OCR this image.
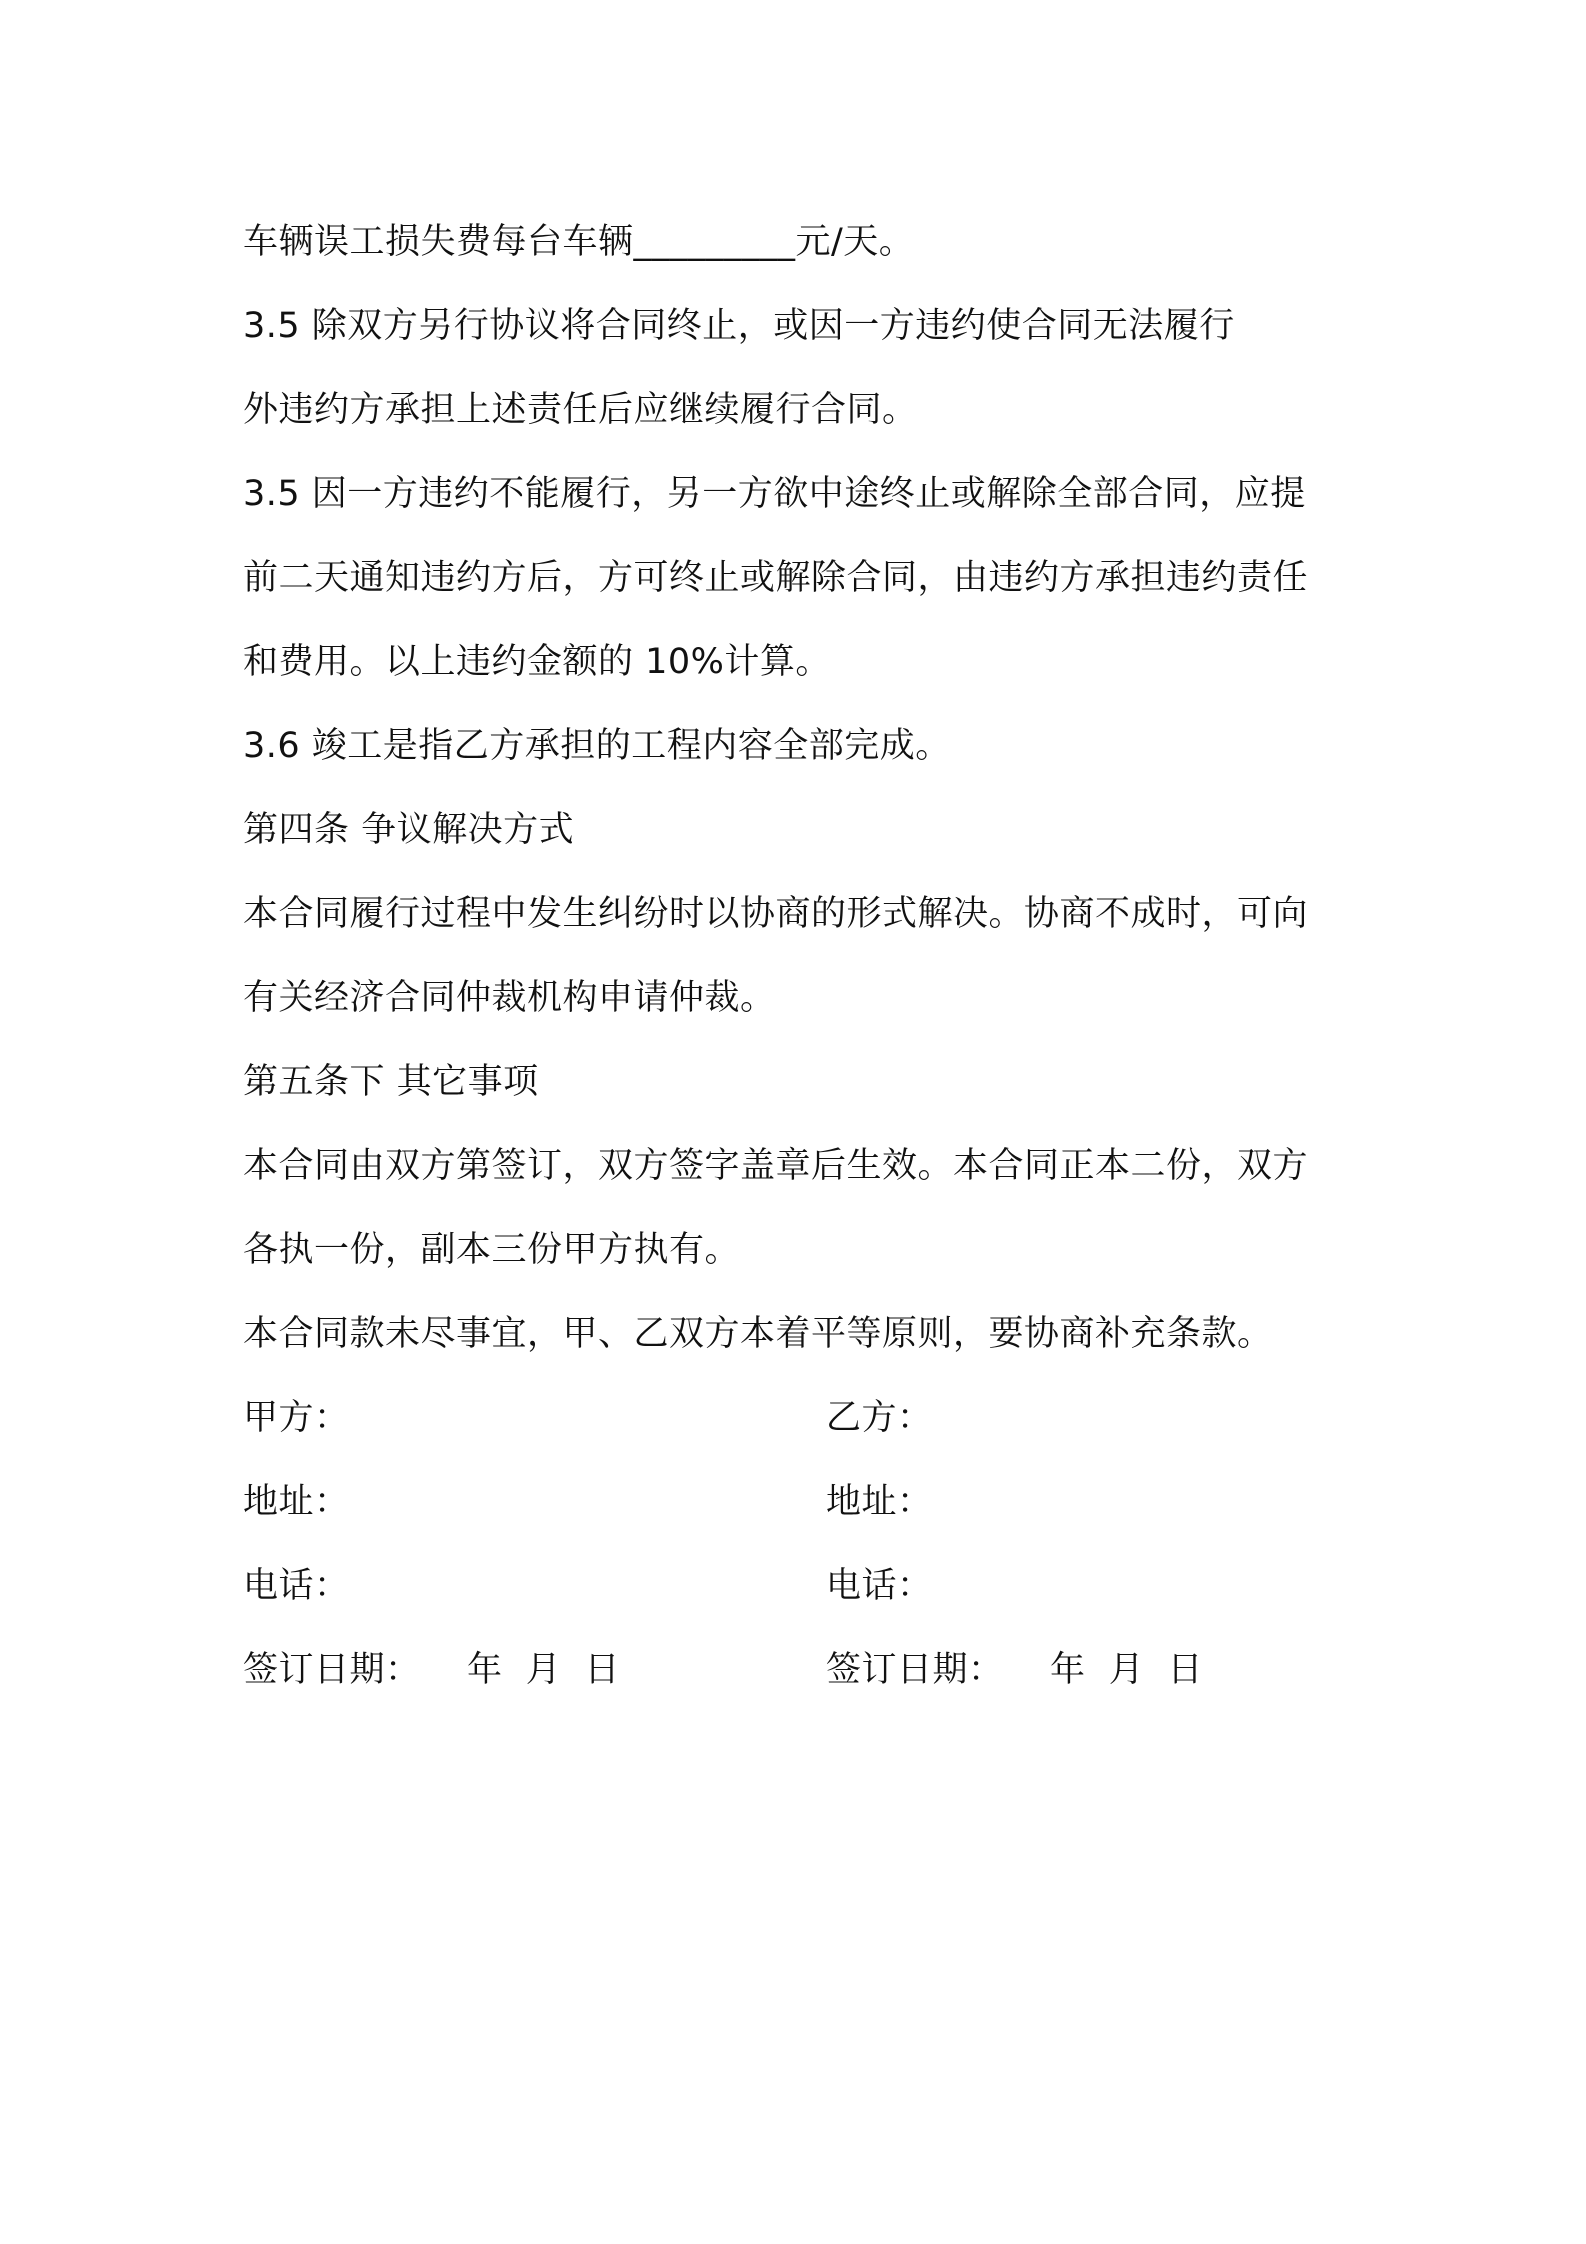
车辆误工损失费每台车辆_________元/天。
3.5 除双方另行协议将合同终止，或因一方违约使合同无法履行
外违约方承担上述责任后应继续履行合同。
3.5 因一方违约不能履行，另一方欲中途终止或解除全部合同，应提
前二天通知违约方后，方可终止或解除合同，由违约方承担违约责任
和费用。以上违约金额的 10%计算。
3.6 竣工是指乙方承担的工程内容全部完成。
第四条 争议解决方式
本合同履行过程中发生纠纷时以协商的形式解决。协商不成时，可向
有关经济合同仲裁机构申请仲裁。
第五条下 其它事项
本合同由双方第签订，双方签字盖章后生效。本合同正本二份，双方
各执一份，副本三份甲方执有。
本合同款未尽事宜，甲、乙双方本着平等原则，要协商补充条款。
甲方：	乙方：
地址：	地址：
电话：	电话：
签订日期：    年  月  日	签订日期：    年  月  日
